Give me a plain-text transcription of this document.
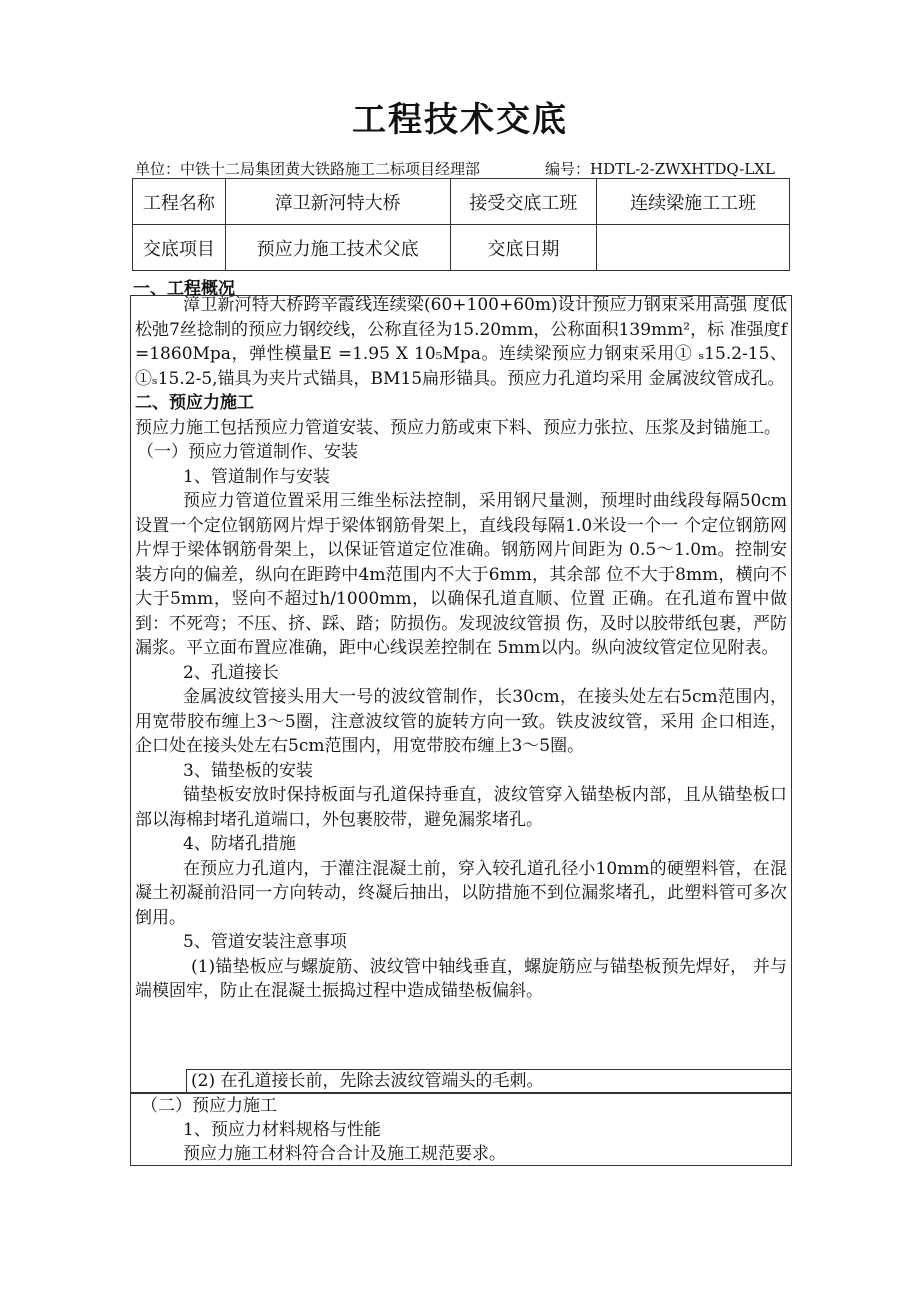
工程技术交底
单位：中铁十二局集团黄大铁路施工二标项目经理部	编号：HDTL-2-ZWXHTDQ-LXL
工程名称	漳卫新河特大桥	接受交底工班	连续梁施工工班
交底项目	预应力施工技术父底	交底日期	
一、工程概况

漳卫新河特大桥跨辛霞线连续梁(60+100+60m)设计预应力钢束采用高强 度低松弛7丝捻制的预应力钢绞线，公称直径为15.20mm，公称面积139mm²，标 准强度f =1860Mpa，弹性模量E =1.95 X 10₅Mpa。连续梁预应力钢束采用① ₛ15.2-15、①ₛ15.2-5,锚具为夹片式锚具，BM15扁形锚具。预应力孔道均采用 金属波纹管成孔。

二、预应力施工

预应力施工包括预应力管道安装、预应力筋或束下料、预应力张拉、压浆及封锚施工。

（一）预应力管道制作、安装

1、管道制作与安装

预应力管道位置采用三维坐标法控制，采用钢尺量测，预埋时曲线段每隔50cm设置一个定位钢筋网片焊于梁体钢筋骨架上，直线段每隔1.0米设一个一 个定位钢筋网片焊于梁体钢筋骨架上，以保证管道定位准确。钢筋网片间距为 0.5〜1.0m。控制安装方向的偏差，纵向在距跨中4m范围内不大于6mm，其余部 位不大于8mm，横向不大于5mm，竖向不超过h/1000mm，以确保孔道直顺、位置 正确。在孔道布置中做到：不死弯；不压、挤、踩、踏；防损伤。发现波纹管损 伤，及时以胶带纸包裹，严防漏浆。平立面布置应准确，距中心线误差控制在 5mm以内。纵向波纹管定位见附表。

2、孔道接长

金属波纹管接头用大一号的波纹管制作，长30cm，在接头处左右5cm范围内，用宽带胶布缠上3〜5圈，注意波纹管的旋转方向一致。铁皮波纹管，采用 企口相连，企口处在接头处左右5cm范围内，用宽带胶布缠上3〜5圈。

3、锚垫板的安装

锚垫板安放时保持板面与孔道保持垂直，波纹管穿入锚垫板内部，且从锚垫板口部以海棉封堵孔道端口，外包裹胶带，避免漏浆堵孔。

4、防堵孔措施

在预应力孔道内，于灌注混凝土前，穿入较孔道孔径小10mm的硬塑料管，在混凝土初凝前沿同一方向转动，终凝后抽出，以防措施不到位漏浆堵孔，此塑料管可多次倒用。

5、管道安装注意事项

(1)锚垫板应与螺旋筋、波纹管中轴线垂直，螺旋筋应与锚垫板预先焊好， 并与端模固牢，防止在混凝土振捣过程中造成锚垫板偏斜。

(2) 在孔道接长前，先除去波纹管端头的毛刺。

（二）预应力施工

1、预应力材料规格与性能

预应力施工材料符合合计及施工规范要求。
